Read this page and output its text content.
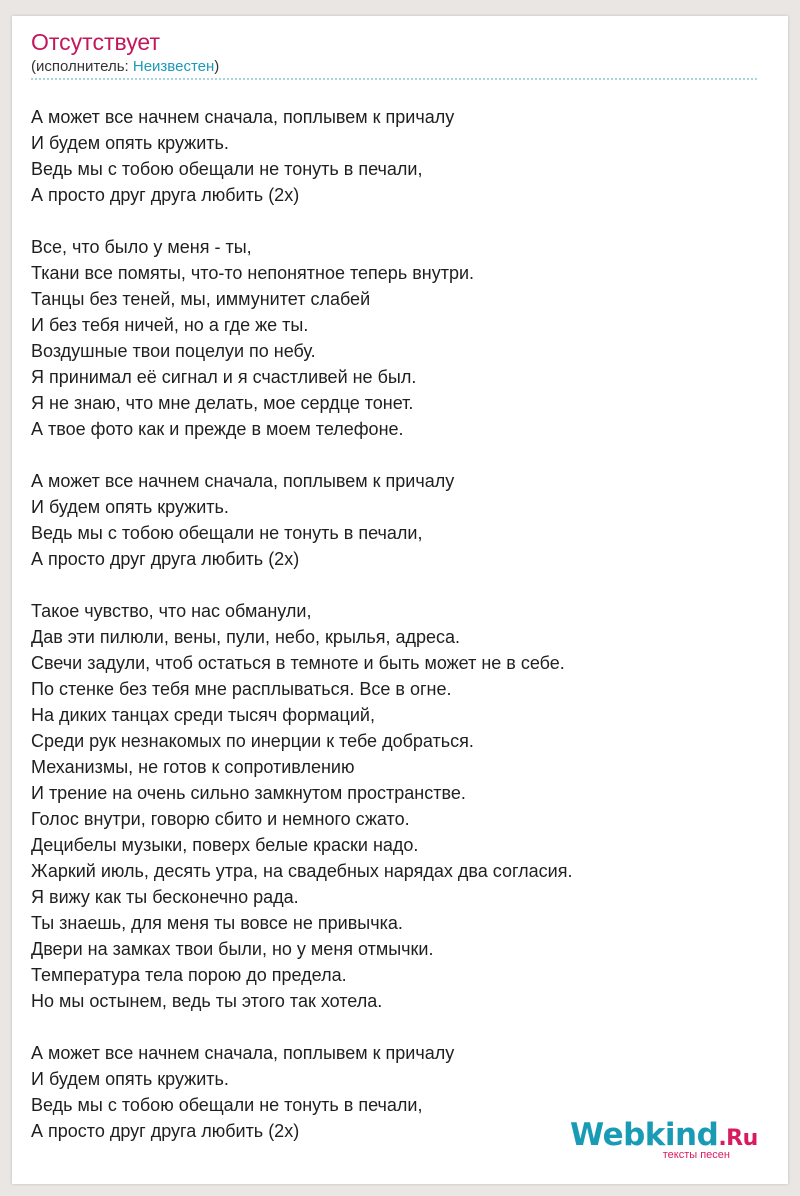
Отсутствует
(исполнитель: Неизвестен)
А может все начнем сначала, поплывем к причалу
И будем опять кружить.
Ведь мы с тобою обещали не тонуть в печали,
А просто друг друга любить (2x)
Все, что было у меня - ты,
Ткани все помяты, что-то непонятное теперь внутри.
Танцы без теней, мы, иммунитет слабей
И без тебя ничей, но а где же ты.
Воздушные твои поцелуи по небу.
Я принимал её сигнал и я счастливей не был.
Я не знаю, что мне делать, мое сердце тонет.
А твое фото как и прежде в моем телефоне.
А может все начнем сначала, поплывем к причалу
И будем опять кружить.
Ведь мы с тобою обещали не тонуть в печали,
А просто друг друга любить (2x)
Такое чувство, что нас обманули,
Дав эти пилюли, вены, пули, небо, крылья, адреса.
Свечи задули, чтоб остаться в темноте и быть может не в себе.
По стенке без тебя мне расплываться. Все в огне.
На диких танцах среди тысяч формаций,
Среди рук незнакомых по инерции к тебе добраться.
Механизмы, не готов к сопротивлению
И трение на очень сильно замкнутом пространстве.
Голос внутри, говорю сбито и немного сжато.
Децибелы музыки, поверх белые краски надо.
Жаркий июль, десять утра, на свадебных нарядах два согласия.
Я вижу как ты бесконечно рада.
Ты знаешь, для меня ты вовсе не привычка.
Двери на замках твои были, но у меня отмычки.
Температура тела порою до предела.
Но мы остынем, ведь ты этого так хотела.
А может все начнем сначала, поплывем к причалу
И будем опять кружить.
Ведь мы с тобою обещали не тонуть в печали,
А просто друг друга любить (2x)	Webkind.Ru
тексты песен
